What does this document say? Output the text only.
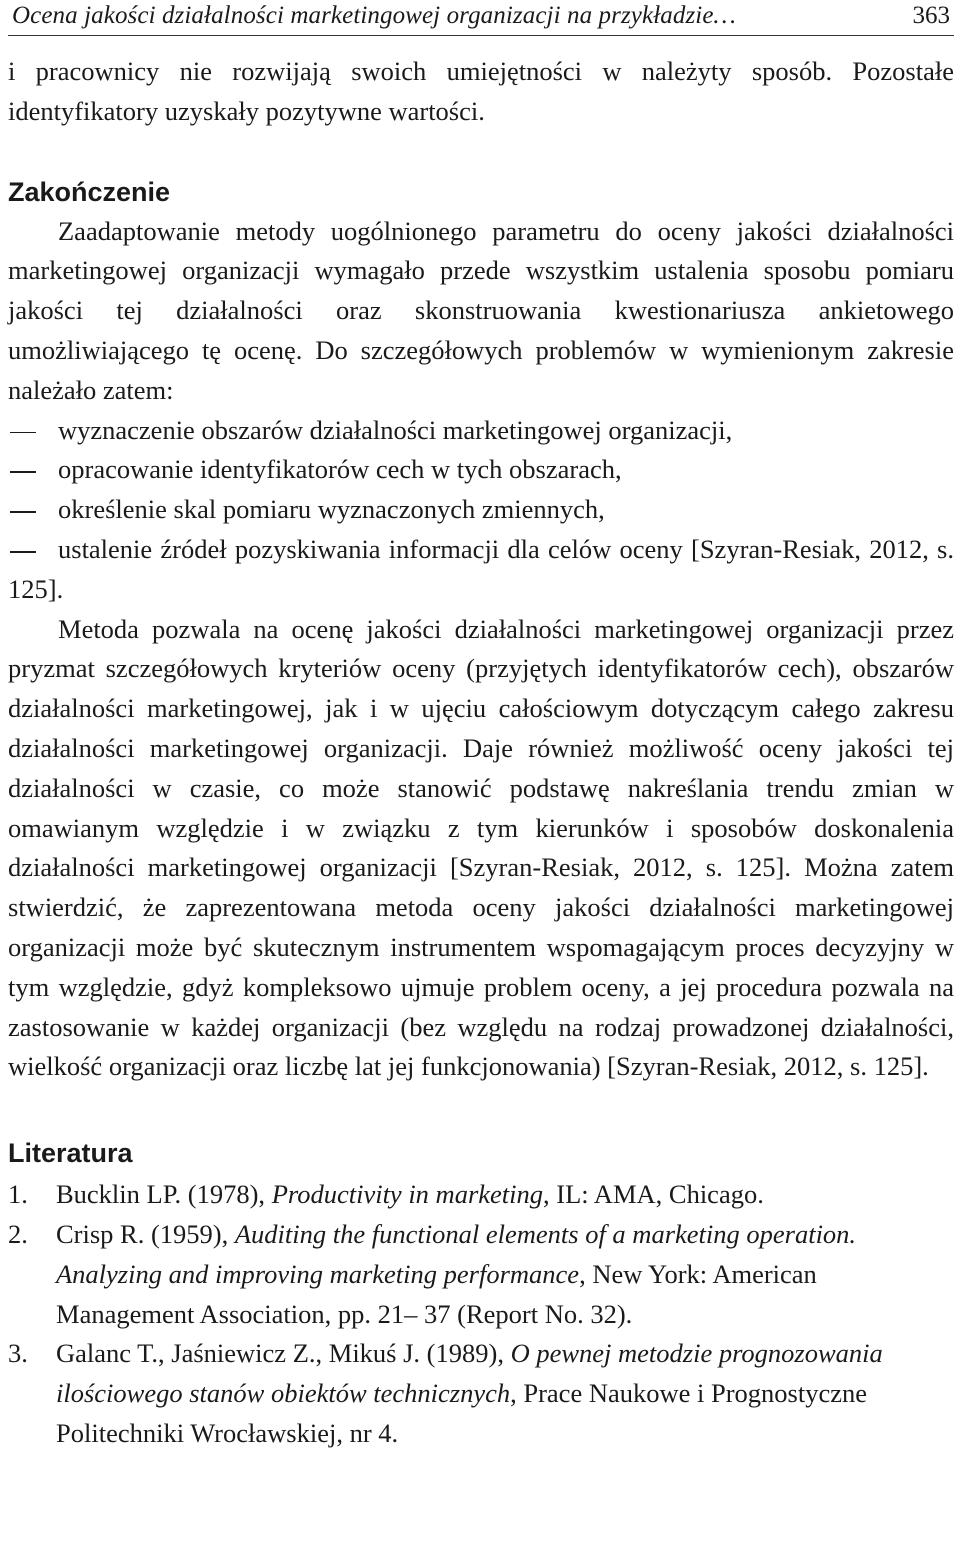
Ocena jakości działalności marketingowej organizacji na przykładzie…	363

i pracownicy nie rozwijają swoich umiejętności w należyty sposób. Pozostałe identyfikatory uzyskały pozytywne wartości.

Zakończenie

Zaadaptowanie metody uogólnionego parametru do oceny jakości działalności marketingowej organizacji wymagało przede wszystkim ustalenia sposobu pomiaru jakości tej działalności oraz skonstruowania kwestionariusza ankietowego umożliwiającego tę ocenę. Do szczegółowych problemów w wymienionym zakresie należało zatem:

wyznaczenie obszarów działalności marketingowej organizacji,
opracowanie identyfikatorów cech w tych obszarach,
określenie skal pomiaru wyznaczonych zmiennych,
ustalenie źródeł pozyskiwania informacji dla celów oceny [Szyran-Resiak, 2012, s. 125].

Metoda pozwala na ocenę jakości działalności marketingowej organizacji przez pryzmat szczegółowych kryteriów oceny (przyjętych identyfikatorów cech), obszarów działalności marketingowej, jak i w ujęciu całościowym dotyczącym całego zakresu działalności marketingowej organizacji. Daje również możliwość oceny jakości tej działalności w czasie, co może stanowić podstawę nakreślania trendu zmian w omawianym względzie i w związku z tym kierunków i sposobów doskonalenia działalności marketingowej organizacji [Szyran-Resiak, 2012, s. 125]. Można zatem stwierdzić, że zaprezentowana metoda oceny jakości działalności marketingowej organizacji może być skutecznym instrumentem wspomagającym proces decyzyjny w tym względzie, gdyż kompleksowo ujmuje problem oceny, a jej procedura pozwala na zastosowanie w każdej organizacji (bez względu na rodzaj prowadzonej działalności, wielkość organizacji oraz liczbę lat jej funkcjonowania) [Szyran-Resiak, 2012, s. 125].

Literatura
1. Bucklin LP. (1978), Productivity in marketing, IL: AMA, Chicago.
2. Crisp R. (1959), Auditing the functional elements of a marketing operation. Analyzing and improving marketing performance, New York: American Management Association, pp. 21– 37 (Report No. 32).
3. Galanc T., Jaśniewicz Z., Mikuś J. (1989), O pewnej metodzie prognozowania ilościowego stanów obiektów technicznych, Prace Naukowe i Prognostyczne Politechniki Wrocławskiej, nr 4.
